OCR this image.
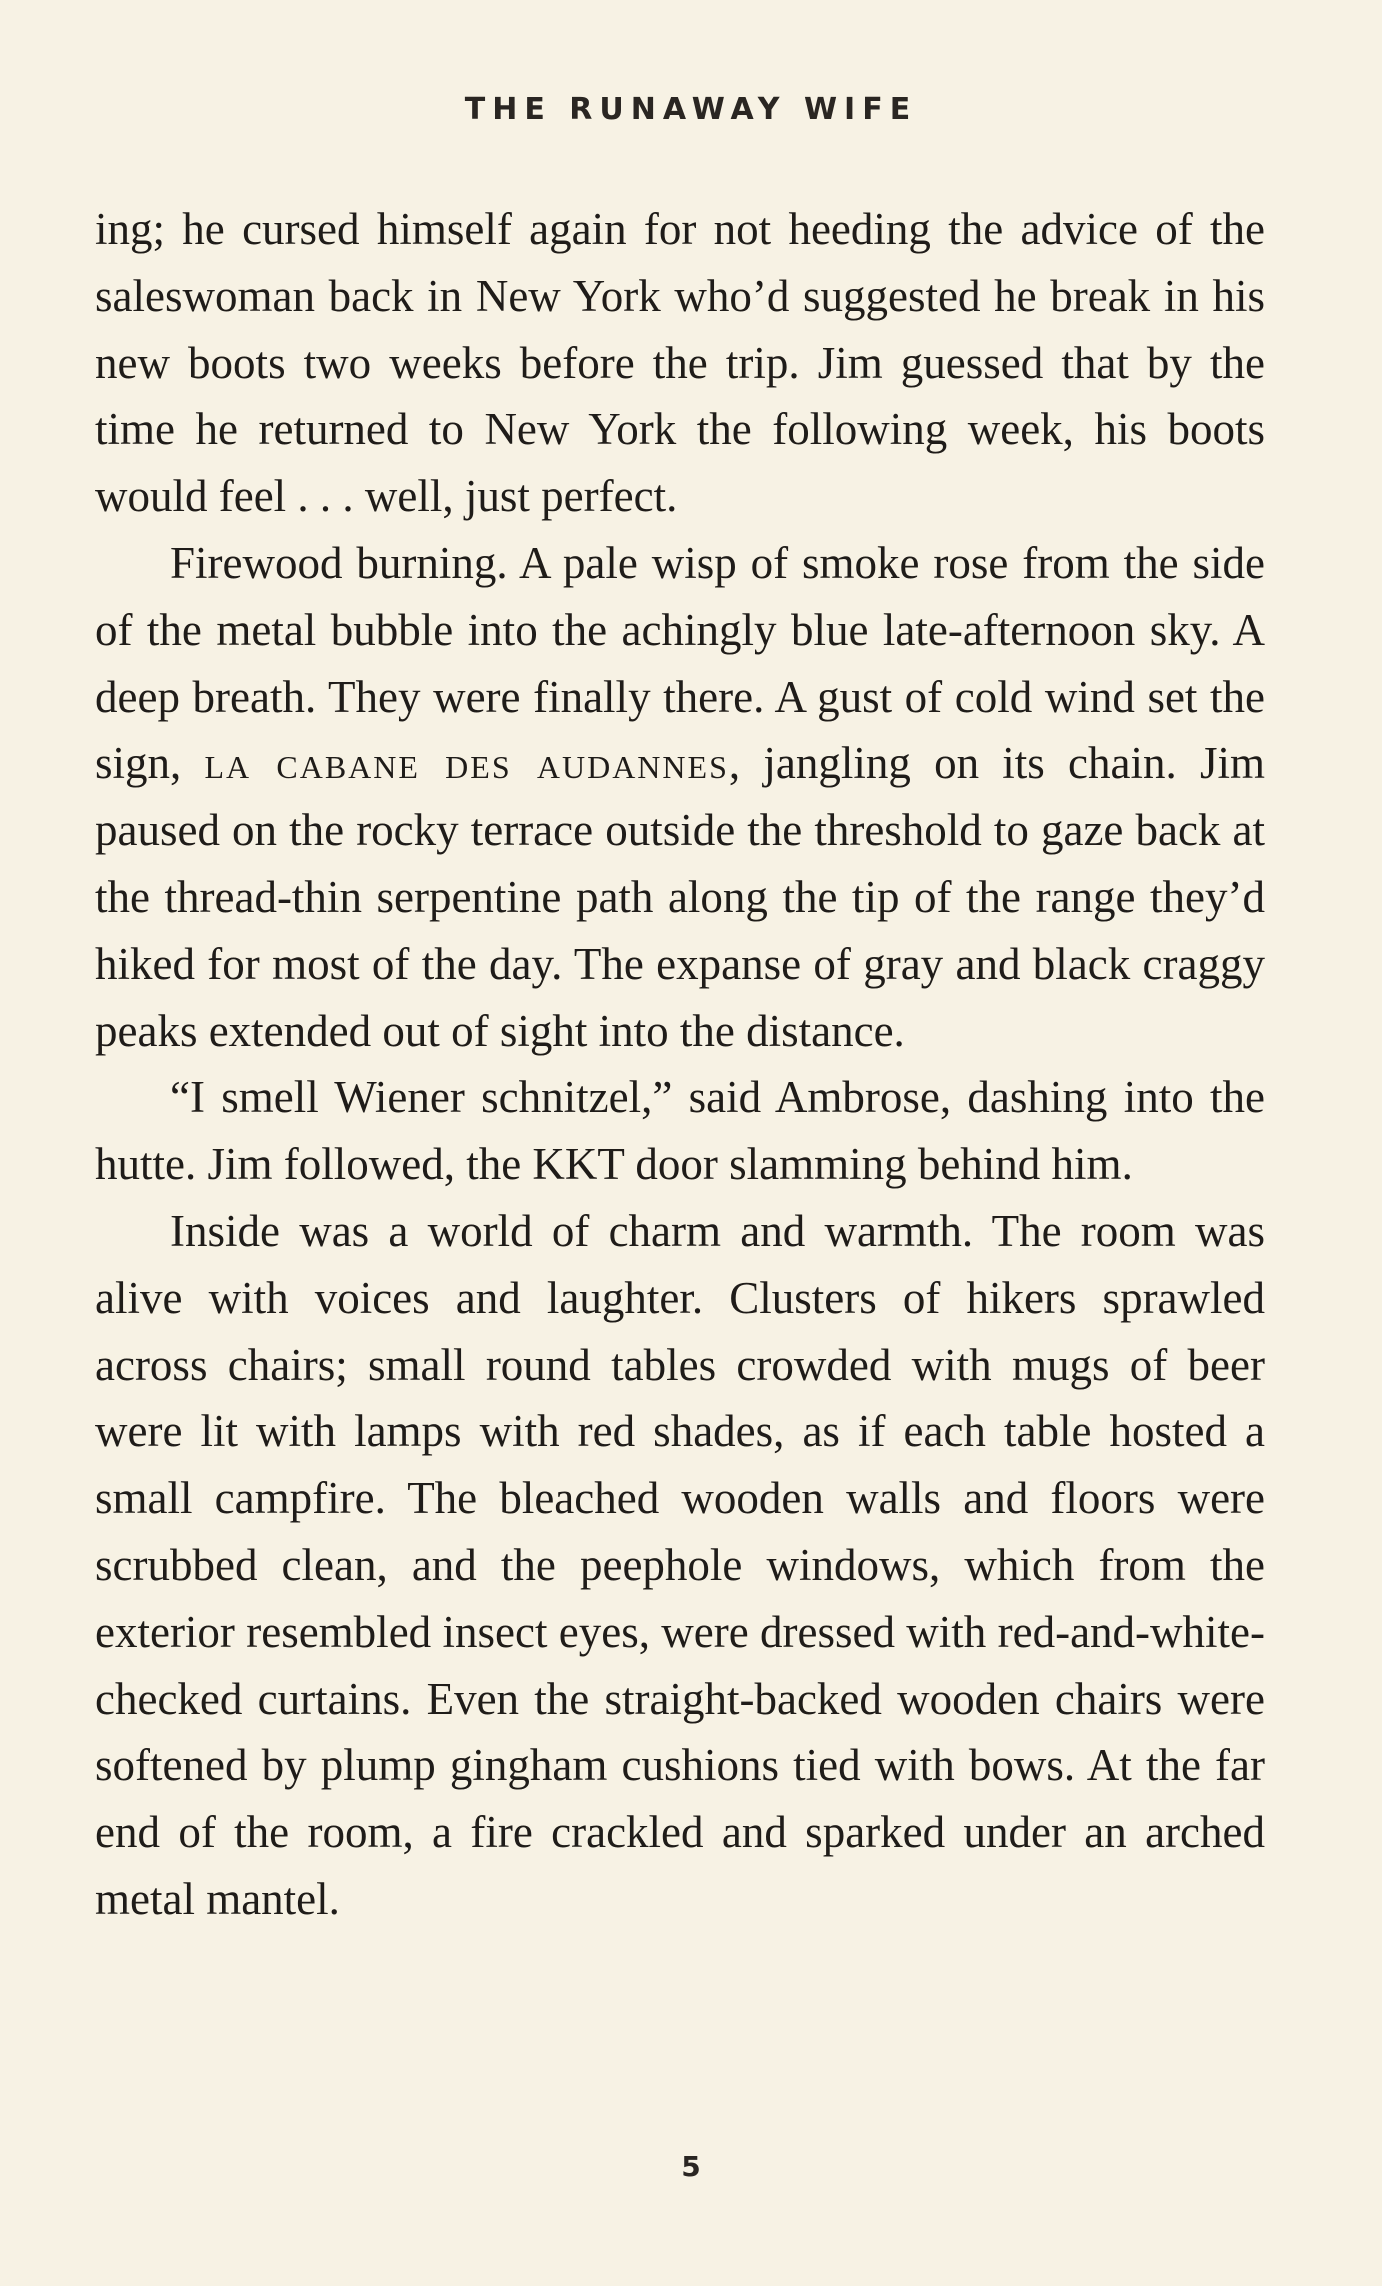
THE RUNAWAY WIFE

ing; he cursed himself again for not heeding the advice of the saleswoman back in New York who’d suggested he break in his new boots two weeks before the trip. Jim guessed that by the time he returned to New York the following week, his boots would feel . . . well, just perfect.

Firewood burning. A pale wisp of smoke rose from the side of the metal bubble into the achingly blue late-afternoon sky. A deep breath. They were finally there. A gust of cold wind set the sign, la cabane des audannes, jangling on its chain. Jim paused on the rocky terrace outside the threshold to gaze back at the thread-thin serpentine path along the tip of the range they’d hiked for most of the day. The expanse of gray and black craggy peaks extended out of sight into the distance.

“I smell Wiener schnitzel,” said Ambrose, dashing into the hutte. Jim followed, the KKT door slamming behind him.

Inside was a world of charm and warmth. The room was alive with voices and laughter. Clusters of hikers sprawled across chairs; small round tables crowded with mugs of beer were lit with lamps with red shades, as if each table hosted a small campfire. The bleached wooden walls and floors were scrubbed clean, and the peephole windows, which from the exterior resembled insect eyes, were dressed with red-and-white-checked curtains. Even the straight-backed wooden chairs were softened by plump gingham cushions tied with bows. At the far end of the room, a fire crackled and sparked under an arched metal mantel.

5
